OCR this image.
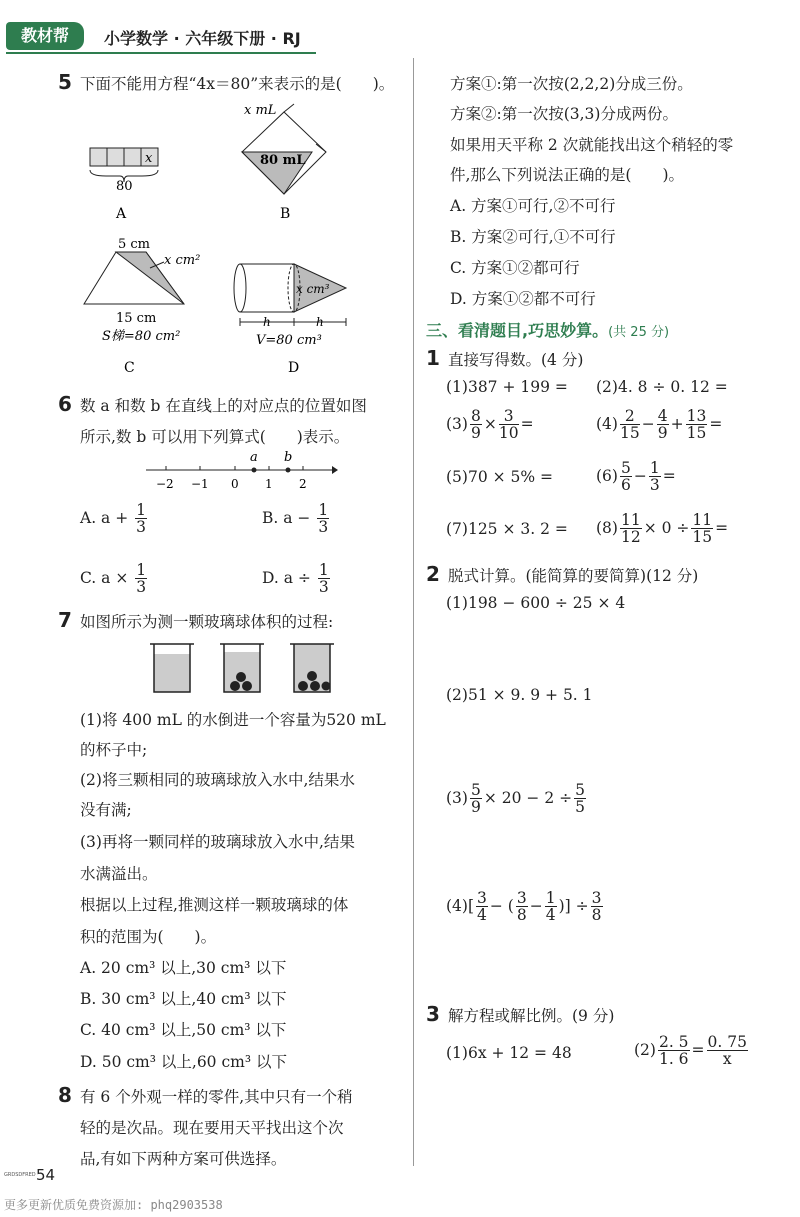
教材帮	小学数学 · 六年级下册 · RJ
5 下面不能用方程“4x＝80”来表示的是(　　)。
x
80
A
x mL
80 mL
B
5 cm
x cm²
15 cm
S梯=80 cm²
C
x cm³
h	h
V=80 cm³
D
6 数 a 和数 b 在直线上的对应点的位置如图
所示,数 b 可以用下列算式(　　)表示。
a b
−2 −1 0 1 2
A. $a + \frac{1}{3}$	B. $a - \frac{1}{3}$
C. $a \times \frac{1}{3}$	D. $a \div \frac{1}{3}$
7 如图所示为测一颗玻璃球体积的过程:
(1)将 400 mL 的水倒进一个容量为520 mL
的杯子中;
(2)将三颗相同的玻璃球放入水中,结果水
没有满;
(3)再将一颗同样的玻璃球放入水中,结果
水满溢出。
根据以上过程,推测这样一颗玻璃球的体
积的范围为(　　)。
A. 20 cm³ 以上,30 cm³ 以下
B. 30 cm³ 以上,40 cm³ 以下
C. 40 cm³ 以上,50 cm³ 以下
D. 50 cm³ 以上,60 cm³ 以下
8 有 6 个外观一样的零件,其中只有一个稍
轻的是次品。现在要用天平找出这个次
品,有如下两种方案可供选择。
方案①:第一次按(2,2,2)分成三份。
方案②:第一次按(3,3)分成两份。
如果用天平称 2 次就能找出这个稍轻的零
件,那么下列说法正确的是(　　)。
A. 方案①可行,②不可行
B. 方案②可行,①不可行
C. 方案①②都可行
D. 方案①②都不可行
三、看清题目,巧思妙算。(共 25 分)
1 直接写得数。(4 分)
(1)387 + 199 = (2)4. 8 ÷ 0. 12 =
$(3) \frac{8}{9} \times \frac{3}{10}$ =	$(4) \frac{2}{15} - \frac{4}{9} + \frac{13}{15}$ =
(5)70 × 5% =	$(6) \frac{5}{6} - \frac{1}{3}$ =
(7)125 × 3. $2 = (8) \frac{11}{12} \times 0 \div \frac{11}{15}$ =
2 脱式计算。(能简算的要简算)(12 分)
(1)198 − 600 ÷ 25 × 4
(2)51 × 9. 9 + 5. 1
$(3) \frac{5}{9} \times 20 - 2 \div \frac{5}{5}$
$(4)[ \frac{3}{4}$ − ( $\frac{3}{8} - \frac{1}{4}$ )] ÷ $\frac{3}{8}$
3 解方程或解比例。(9 分)
(1)6x + 12 = 48	$(2) \frac{2. 5}{1. 6} = \frac{0. 75}{x}$
GRDSDFRED ™
54
更多更新优质免费资源加: phq2903538
